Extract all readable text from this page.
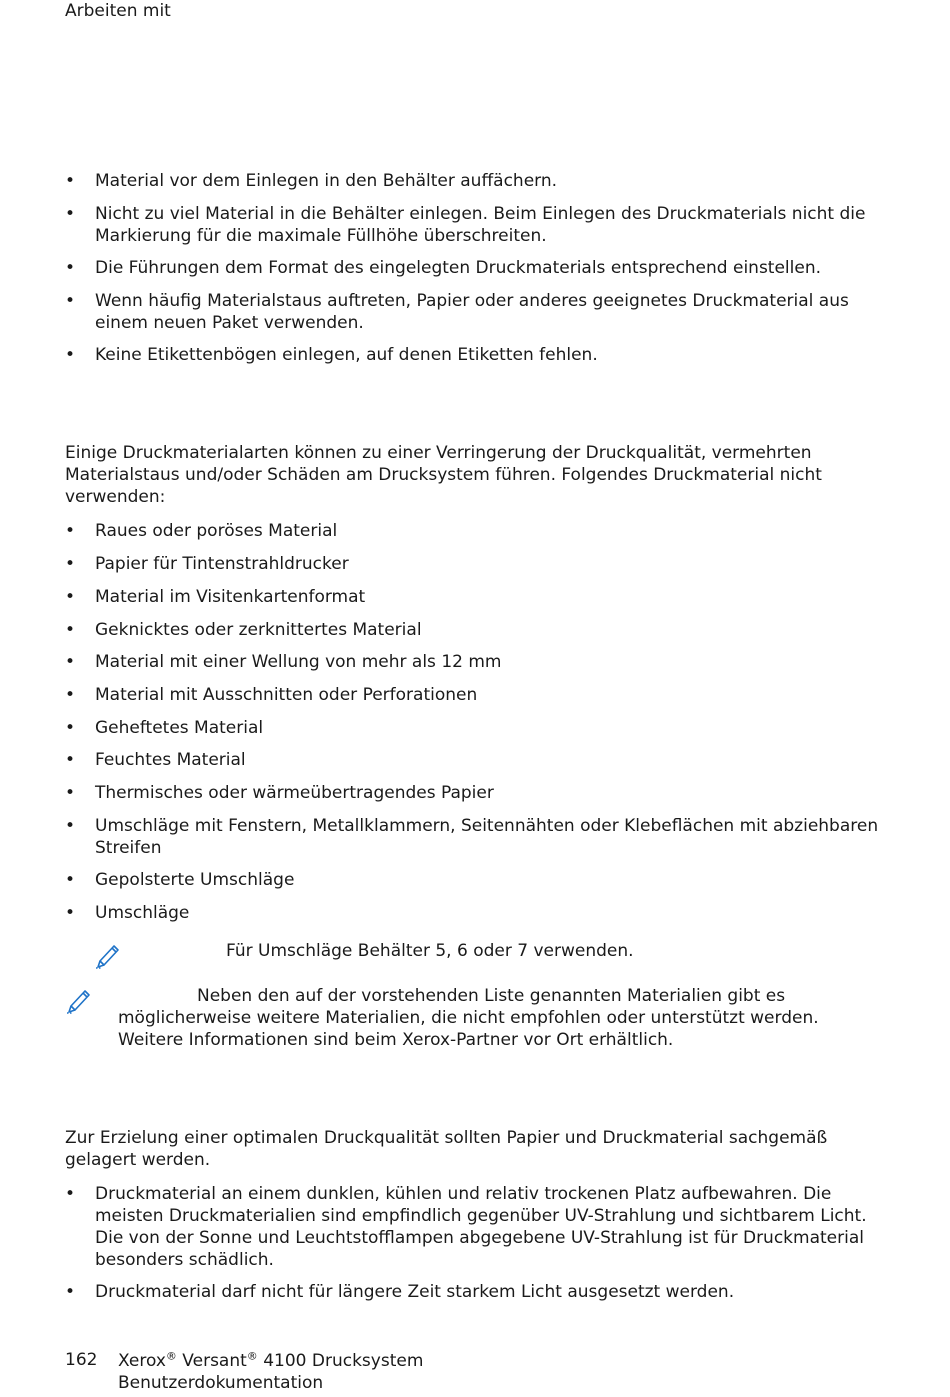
Arbeiten mit
• Material vor dem Einlegen in den Behälter auffächern.
• Nicht zu viel Material in die Behälter einlegen. Beim Einlegen des Druckmaterials nicht die Markierung für die maximale Füllhöhe überschreiten.
• Die Führungen dem Format des eingelegten Druckmaterials entsprechend einstellen.
• Wenn häufig Materialstaus auftreten, Papier oder anderes geeignetes Druckmaterial aus einem neuen Paket verwenden.
• Keine Etikettenbögen einlegen, auf denen Etiketten fehlen.
Einige Druckmaterialarten können zu einer Verringerung der Druckqualität, vermehrten Materialstaus und/oder Schäden am Drucksystem führen. Folgendes Druckmaterial nicht verwenden:
• Raues oder poröses Material
• Papier für Tintenstrahldrucker
• Material im Visitenkartenformat
• Geknicktes oder zerknittertes Material
• Material mit einer Wellung von mehr als 12 mm
• Material mit Ausschnitten oder Perforationen
• Geheftetes Material
• Feuchtes Material
• Thermisches oder wärmeübertragendes Papier
• Umschläge mit Fenstern, Metallklammern, Seitennähten oder Klebeflächen mit abziehbaren Streifen
• Gepolsterte Umschläge
• Umschläge
Für Umschläge Behälter 5, 6 oder 7 verwenden.
Neben den auf der vorstehenden Liste genannten Materialien gibt es
möglicherweise weitere Materialien, die nicht empfohlen oder unterstützt werden. Weitere Informationen sind beim Xerox-Partner vor Ort erhältlich.
Zur Erzielung einer optimalen Druckqualität sollten Papier und Druckmaterial sachgemäß gelagert werden.
• Druckmaterial an einem dunklen, kühlen und relativ trockenen Platz aufbewahren. Die meisten Druckmaterialien sind empfindlich gegenüber UV-Strahlung und sichtbarem Licht. Die von der Sonne und Leuchtstofflampen abgegebene UV-Strahlung ist für Druckmaterial besonders schädlich.
• Druckmaterial darf nicht für längere Zeit starkem Licht ausgesetzt werden.
162 Xerox® Versant® 4100 Drucksystem
Benutzerdokumentation
